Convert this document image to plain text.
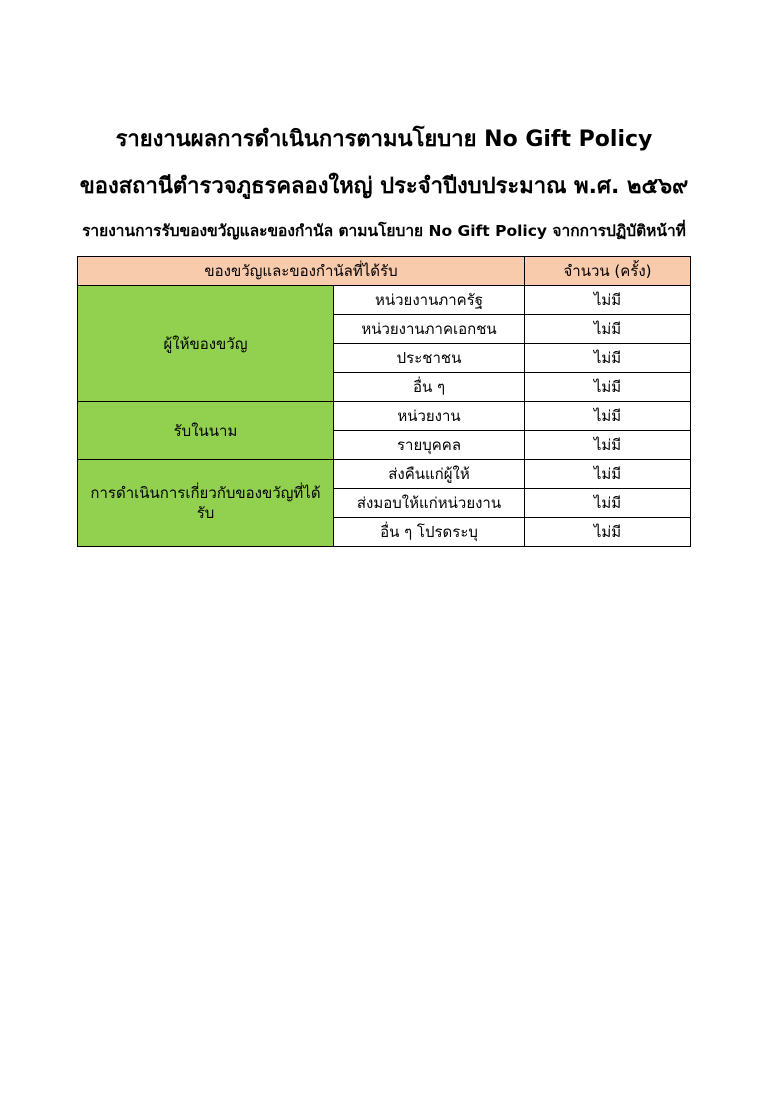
รายงานผลการดำเนินการตามนโยบาย No Gift Policy
ของสถานีตำรวจภูธรคลองใหญ่ ประจำปีงบประมาณ พ.ศ. ๒๕๖๙
รายงานการรับของขวัญและของกำนัล ตามนโยบาย No Gift Policy จากการปฏิบัติหน้าที่
ของขวัญและของกำนัลที่ได้รับ		จำนวน (ครั้ง)
ผู้ให้ของขวัญ	หน่วยงานภาครัฐ	ไม่มี
	หน่วยงานภาคเอกชน	ไม่มี
	ประชาชน	ไม่มี
	อื่น ๆ	ไม่มี
รับในนาม	หน่วยงาน	ไม่มี
	รายบุคคล	ไม่มี
การดำเนินการเกี่ยวกับของขวัญที่ได้รับ	ส่งคืนแก่ผู้ให้	ไม่มี
	ส่งมอบให้แก่หน่วยงาน	ไม่มี
	อื่น ๆ โปรดระบุ	ไม่มี
